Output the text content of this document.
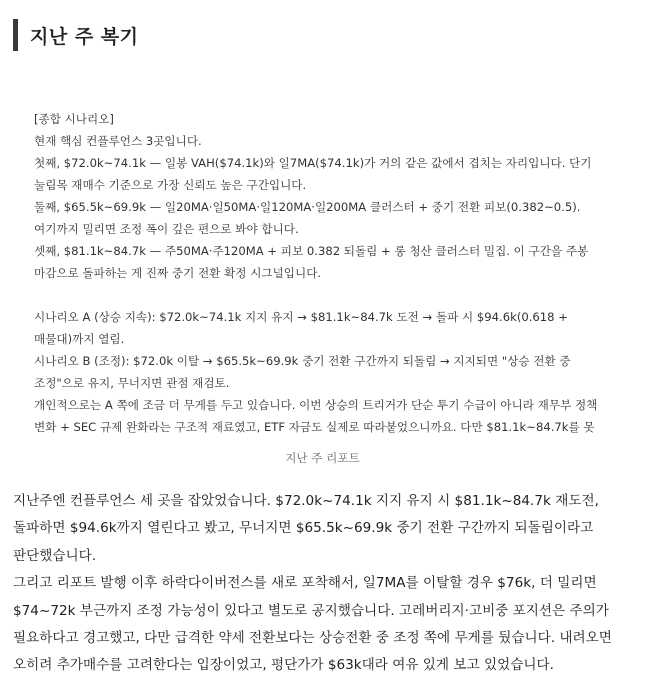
지난 주 복기

[종합 시나리오]

현재 핵심 컨플루언스 3곳입니다.

첫째, $72.0k~74.1k — 일봉 VAH($74.1k)와 일7MA($74.1k)가 거의 같은 값에서 겹치는 자리입니다. 단기 눌림목 재매수 기준으로 가장 신뢰도 높은 구간입니다.

둘째, $65.5k~69.9k — 일20MA·일50MA·일120MA·일200MA 클러스터 + 중기 전환 피보(0.382~0.5). 여기까지 밀리면 조정 폭이 깊은 편으로 봐야 합니다.

셋째, $81.1k~84.7k — 주50MA·주120MA + 피보 0.382 되돌림 + 롱 청산 클러스터 밀집. 이 구간을 주봉 마감으로 돌파하는 게 진짜 중기 전환 확정 시그널입니다.

시나리오 A (상승 지속): $72.0k~74.1k 지지 유지 → $81.1k~84.7k 도전 → 돌파 시 $94.6k(0.618 + 매물대)까지 열림.

시나리오 B (조정): $72.0k 이탈 → $65.5k~69.9k 중기 전환 구간까지 되돌림 → 지지되면 "상승 전환 중 조정"으로 유지, 무너지면 관점 재검토.

개인적으로는 A 쪽에 조금 더 무게를 두고 있습니다. 이번 상승의 트리거가 단순 투기 수급이 아니라 재무부 정책 변화 + SEC 규제 완화라는 구조적 재료였고, ETF 자금도 실제로 따라붙었으니까요. 다만 $81.1k~84.7k를 못

지난 주 리포트

지난주엔 컨플루언스 세 곳을 잡았었습니다. $72.0k~74.1k 지지 유지 시 $81.1k~84.7k 재도전, 돌파하면 $94.6k까지 열린다고 봤고, 무너지면 $65.5k~69.9k 중기 전환 구간까지 되돌림이라고 판단했습니다.

그리고 리포트 발행 이후 하락다이버전스를 새로 포착해서, 일7MA를 이탈할 경우 $76k, 더 밀리면 $74~72k 부근까지 조정 가능성이 있다고 별도로 공지했습니다. 고레버리지·고비중 포지션은 주의가 필요하다고 경고했고, 다만 급격한 약세 전환보다는 상승전환 중 조정 쪽에 무게를 뒀습니다. 내려오면 오히려 추가매수를 고려한다는 입장이었고, 평단가가 $63k대라 여유 있게 보고 있었습니다.
